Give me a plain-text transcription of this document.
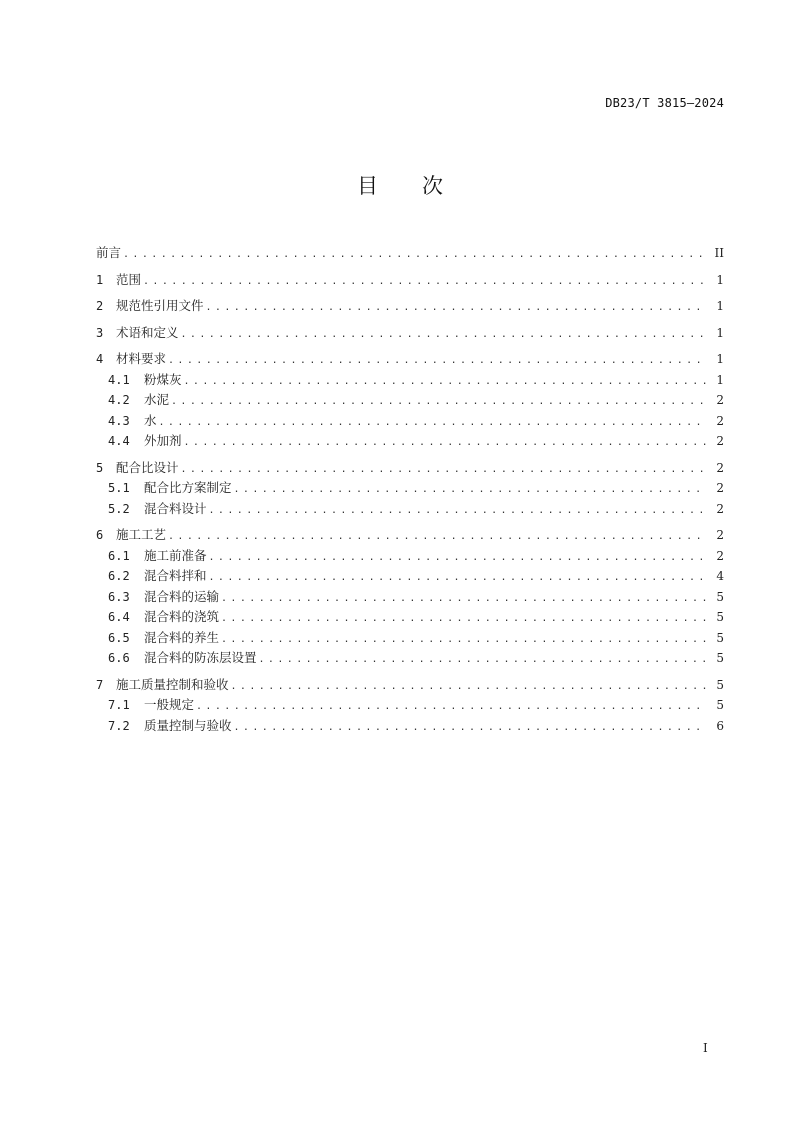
DB23/T 3815—2024
目次
前言 .....	II
1	范围 .....	1
2	规范性引用文件 .....	1
3	术语和定义 .....	1
4	材料要求 .....	1
4.1	粉煤灰 .....	1
4.2	水泥 .....	2
4.3	水 .....	2
4.4	外加剂 .....	2
5	配合比设计 .....	2
5.1	配合比方案制定 .....	2
5.2	混合料设计 .....	2
6	施工工艺 .....	2
6.1	施工前准备 .....	2
6.2	混合料拌和 .....	4
6.3	混合料的运输 .....	5
6.4	混合料的浇筑 .....	5
6.5	混合料的养生 .....	5
6.6	混合料的防冻层设置 .....	5
7	施工质量控制和验收 .....	5
7.1	一般规定 .....	5
7.2	质量控制与验收 .....	6
I
